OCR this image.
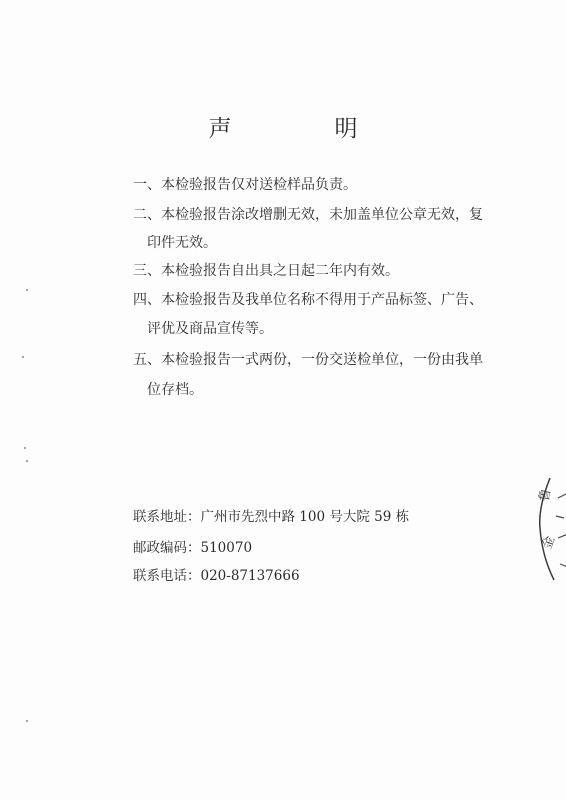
声　明
一、本检验报告仅对送检样品负责。
二、本检验报告涂改增删无效，未加盖单位公章无效，复
印件无效。
三、本检验报告自出具之日起二年内有效。
四、本检验报告及我单位名称不得用于产品标签、广告、
评优及商品宣传等。
五、本检验报告一式两份，一份交送检单位，一份由我单
位存档。
联系地址：广州市先烈中路 100 号大院 59 栋
邮政编码：510070
联系电话：020-87137666
鲁
金
